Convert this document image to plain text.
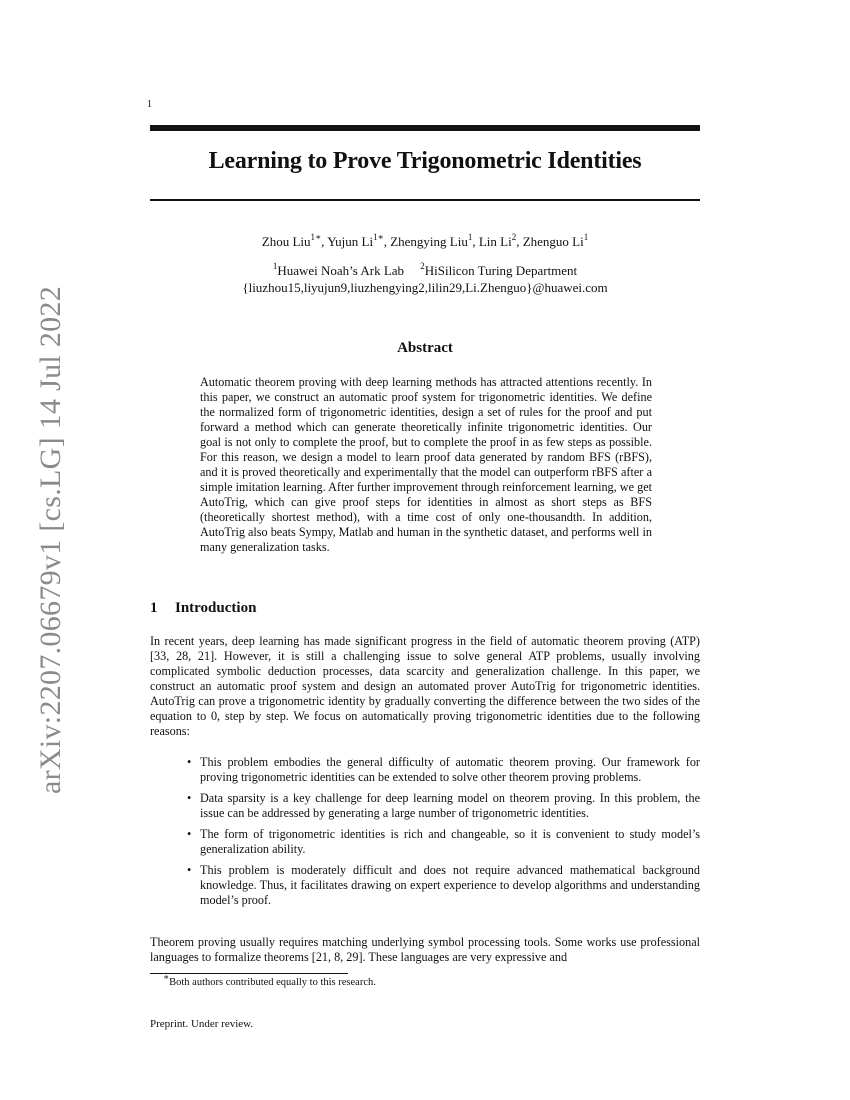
arXiv:2207.06679v1 [cs.LG] 14 Jul 2022
1
Learning to Prove Trigonometric Identities
Zhou Liu$^{1∗}$, Yujun $Li^{1∗}$, Zhengying Liu$^1$, Lin Li$^2$, Zhenguo Li$^1$
$^1$Huawei Noah’s Ark Lab $^2$HiSilicon Turing Department
{liuzhou15,liyujun9,liuzhengying2,lilin29,Li.Zhenguo}@huawei.com
Abstract
Automatic theorem proving with deep learning methods has attracted attentions recently. In this paper, we construct an automatic proof system for trigonometric identities. We define the normalized form of trigonometric identities, design a set of rules for the proof and put forward a method which can generate theoretically infinite trigonometric identities. Our goal is not only to complete the proof, but to complete the proof in as few steps as possible. For this reason, we design a model to learn proof data generated by random BFS (rBFS), and it is proved theoretically and experimentally that the model can outperform rBFS after a simple imitation learning. After further improvement through reinforcement learning, we get AutoTrig, which can give proof steps for identities in almost as short steps as BFS (theoretically shortest method), with a time cost of only one-thousandth. In addition, AutoTrig also beats Sympy, Matlab and human in the synthetic dataset, and performs well in many generalization tasks.
1 Introduction
In recent years, deep learning has made significant progress in the field of automatic theorem proving (ATP) [33, 28, 21]. However, it is still a challenging issue to solve general ATP problems, usually involving complicated symbolic deduction processes, data scarcity and generalization challenge. In this paper, we construct an automatic proof system and design an automated prover AutoTrig for trigonometric identities. AutoTrig can prove a trigonometric identity by gradually converting the difference between the two sides of the equation to 0, step by step. We focus on automatically proving trigonometric identities due to the following reasons:
• This problem embodies the general difficulty of automatic theorem proving. Our framework for proving trigonometric identities can be extended to solve other theorem proving problems.
• Data sparsity is a key challenge for deep learning model on theorem proving. In this problem, the issue can be addressed by generating a large number of trigonometric identities.
• The form of trigonometric identities is rich and changeable, so it is convenient to study model’s generalization ability.
• This problem is moderately difficult and does not require advanced mathematical background knowledge. Thus, it facilitates drawing on expert experience to develop algorithms and understanding model’s proof.
Theorem proving usually requires matching underlying symbol processing tools. Some works use professional languages to formalize theorems [21, 8, 29]. These languages are very expressive and
∗Both authors contributed equally to this research.
Preprint. Under review.
